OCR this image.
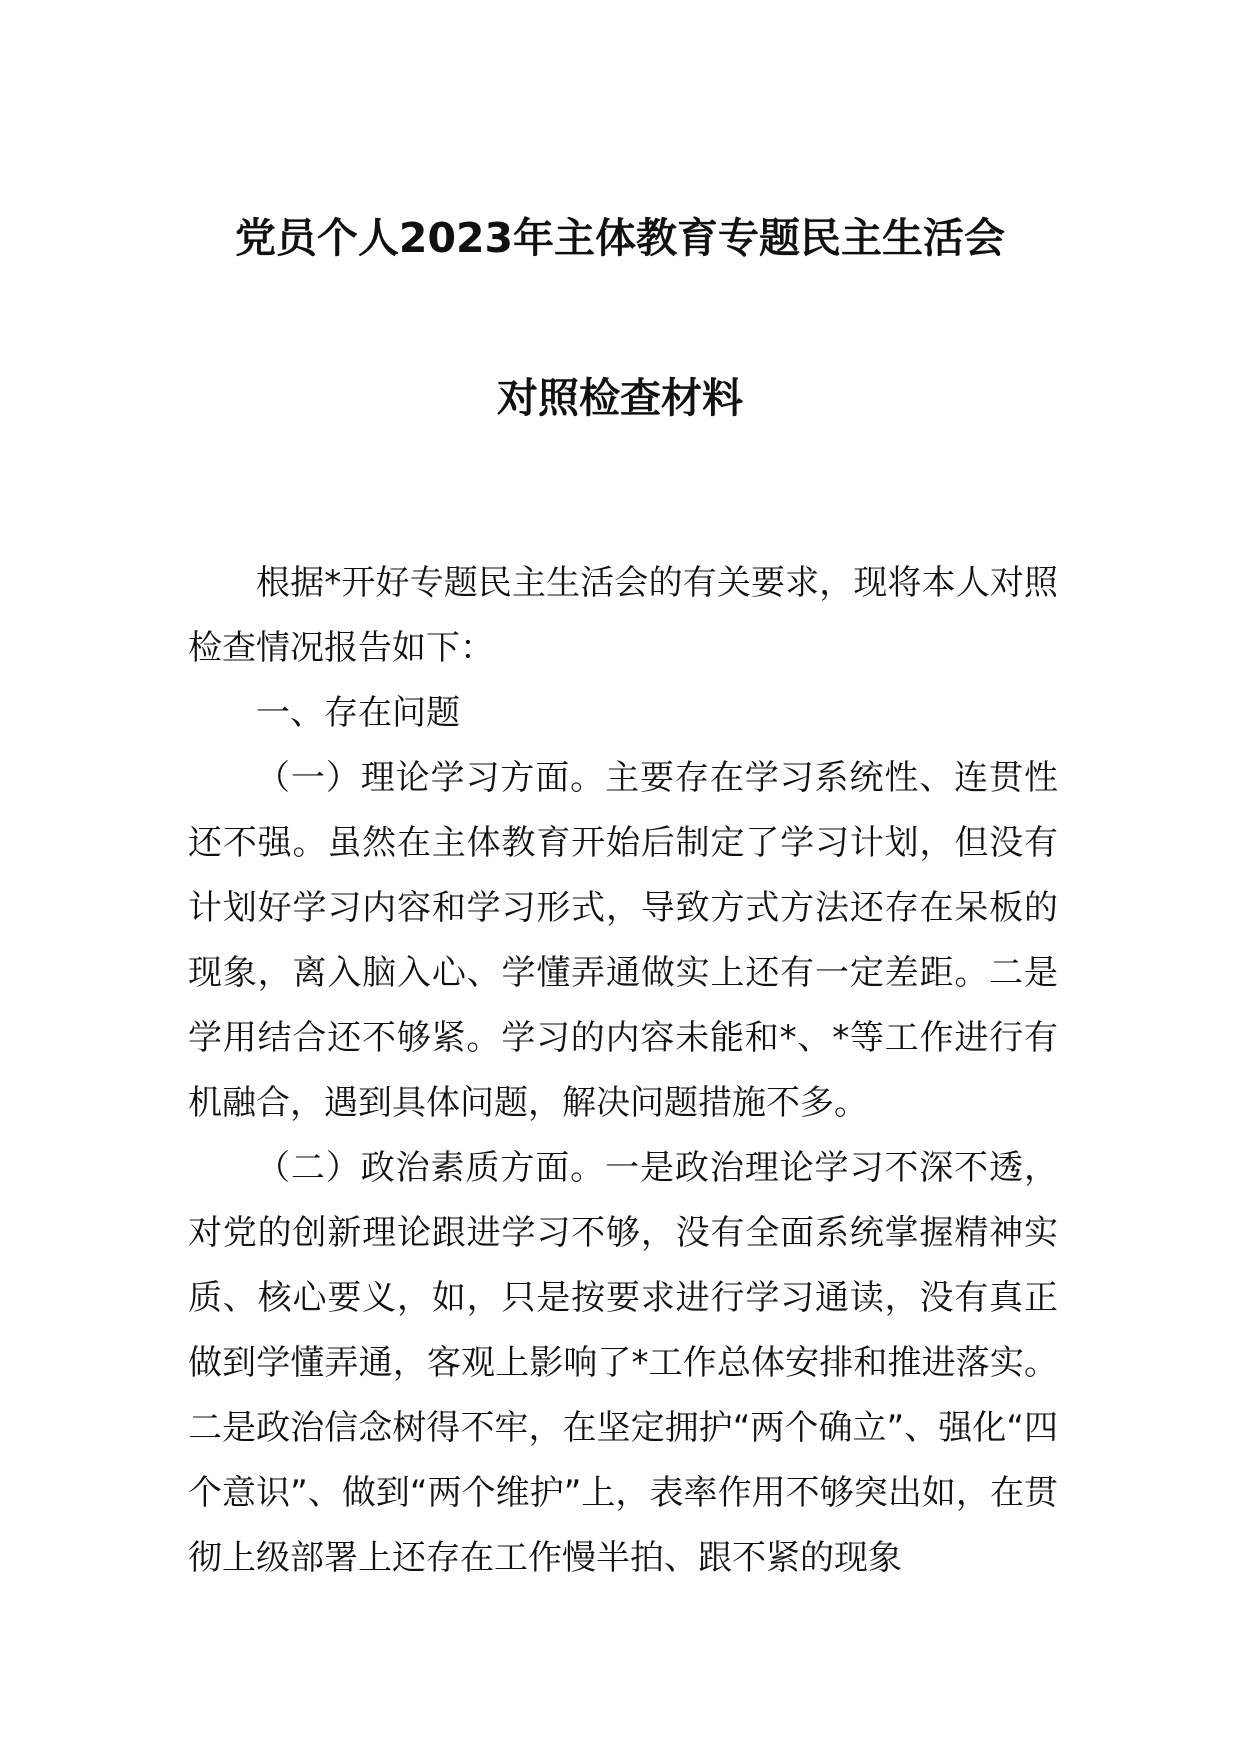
党员个人2023年主体教育专题民主生活会
对照检查材料

根据*开好专题民主生活会的有关要求，现将本人对照检查情况报告如下：

一、存在问题

（一）理论学习方面。主要存在学习系统性、连贯性还不强。虽然在主体教育开始后制定了学习计划，但没有计划好学习内容和学习形式，导致方式方法还存在呆板的现象，离入脑入心、学懂弄通做实上还有一定差距。二是学用结合还不够紧。学习的内容未能和*、*等工作进行有机融合，遇到具体问题，解决问题措施不多。

（二）政治素质方面。一是政治理论学习不深不透，对党的创新理论跟进学习不够，没有全面系统掌握精神实质、核心要义，如，只是按要求进行学习通读，没有真正做到学懂弄通，客观上影响了*工作总体安排和推进落实。二是政治信念树得不牢，在坚定拥护“两个确立”、强化“四个意识”、做到“两个维护”上，表率作用不够突出如，在贯彻上级部署上还存在工作慢半拍、跟不紧的现象
